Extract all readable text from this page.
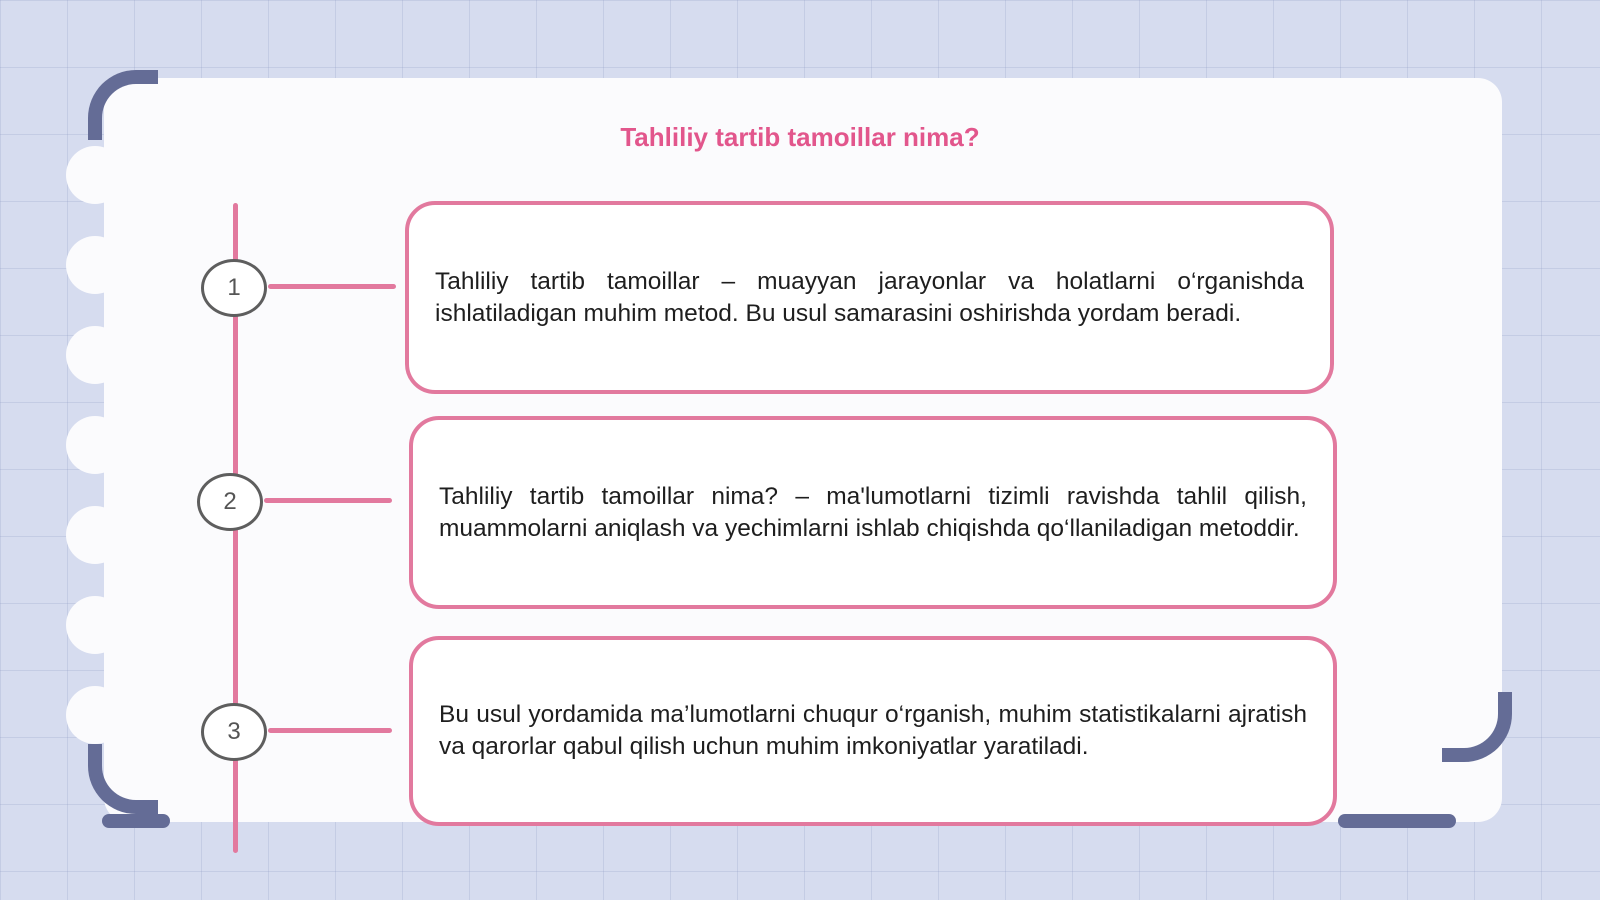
Tahliliy tartib tamoillar nima?
1
2
3

Tahliliy tartib tamoillar – muayyan jarayonlar va holatlarni o‘rganishda ishlatiladigan muhim metod. Bu usul samarasini oshirishda yordam beradi.

Tahliliy tartib tamoillar nima? – ma'lumotlarni tizimli ravishda tahlil qilish, muammolarni aniqlash va yechimlarni ishlab chiqishda qo‘llaniladigan metoddir.

Bu usul yordamida ma’lumotlarni chuqur o‘rganish, muhim statistikalarni ajratish va qarorlar qabul qilish uchun muhim imkoniyatlar yaratiladi.
